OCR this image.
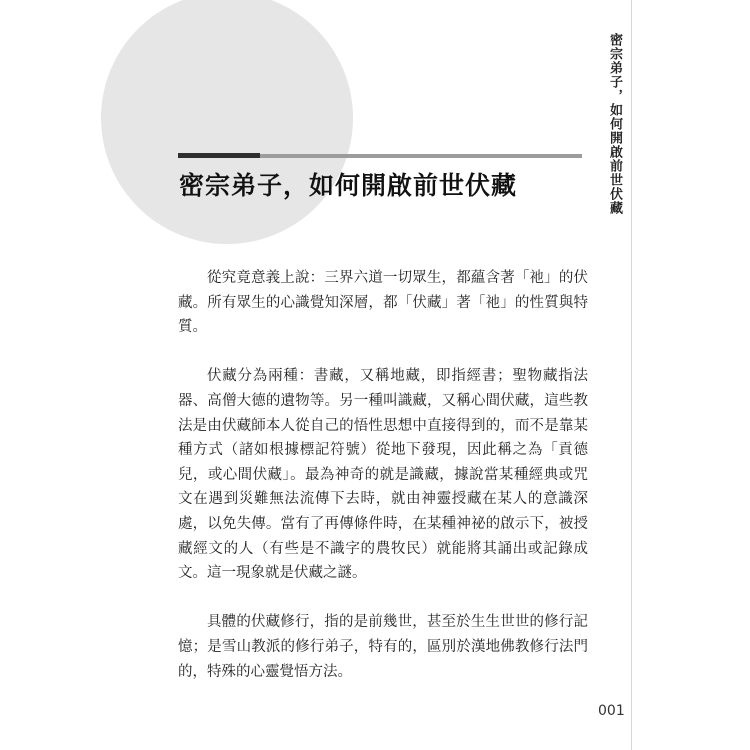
密宗弟子，如何開啟前世伏藏	密宗弟子，如何開啟前世伏藏

從究竟意義上說：三界六道一切眾生，都蘊含著「祂」的伏藏。所有眾生的心識覺知深層，都「伏藏」著「祂」的性質與特質。

伏藏分為兩種：書藏，又稱地藏，即指經書；聖物藏指法器、高僧大德的遺物等。另一種叫識藏，又稱心間伏藏，這些教法是由伏藏師本人從自己的悟性思想中直接得到的，而不是靠某種方式（諸如根據標記符號）從地下發現，因此稱之為「貢德兒，或心間伏藏」。最為神奇的就是識藏，據說當某種經典或咒文在遇到災難無法流傳下去時，就由神靈授藏在某人的意識深處，以免失傳。當有了再傳條件時，在某種神祕的啟示下，被授藏經文的人（有些是不識字的農牧民）就能將其誦出或記錄成文。這一現象就是伏藏之謎。

具體的伏藏修行，指的是前幾世，甚至於生生世世的修行記憶；是雪山教派的修行弟子，特有的，區別於漢地佛教修行法門的，特殊的心靈覺悟方法。

001
